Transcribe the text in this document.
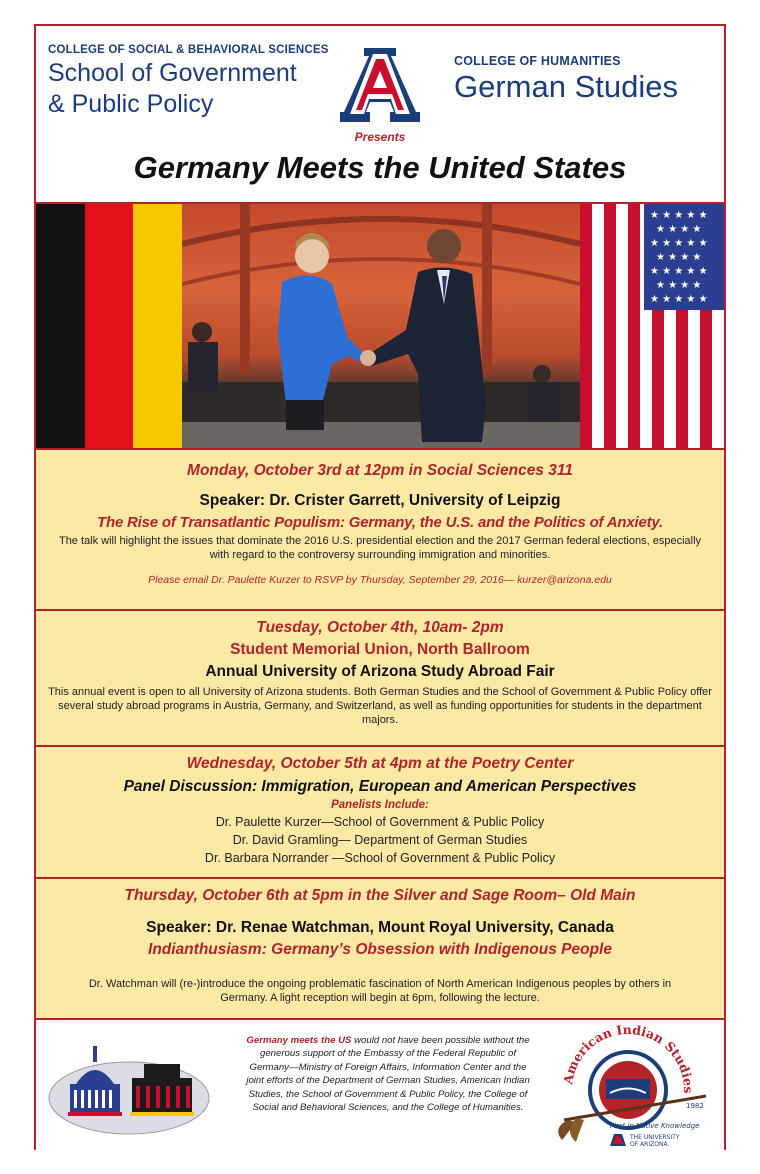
COLLEGE OF SOCIAL & BEHAVIORAL SCIENCES
School of Government
& Public Policy
COLLEGE OF HUMANITIES
German Studies
Presents
Germany Meets the United States
★ ★ ★ ★ ★
★ ★ ★ ★
★ ★ ★ ★ ★
★ ★ ★ ★
★ ★ ★ ★ ★
★ ★ ★ ★
★ ★ ★ ★ ★
Monday, October 3rd at 12pm in Social Sciences 311
Speaker: Dr. Crister Garrett, University of Leipzig
The Rise of Transatlantic Populism: Germany, the U.S. and the Politics of Anxiety.
The talk will highlight the issues that dominate the 2016 U.S. presidential election and the 2017 German federal elections, especially with regard to the controversy surrounding immigration and minorities.
Please email Dr. Paulette Kurzer to RSVP by Thursday, September 29, 2016— kurzer@arizona.edu
Tuesday, October 4th, 10am- 2pm
Student Memorial Union, North Ballroom
Annual University of Arizona Study Abroad Fair
This annual event is open to all University of Arizona students. Both German Studies and the School of Government & Public Policy offer several study abroad programs in Austria, Germany, and Switzerland, as well as funding opportunities for students in the department majors.
Wednesday, October 5th at 4pm at the Poetry Center
Panel Discussion: Immigration, European and American Perspectives
Panelists Include:
Dr. Paulette Kurzer—School of Government & Public Policy
Dr. David Gramling— Department of German Studies
Dr. Barbara Norrander —School of Government & Public Policy
Thursday, October 6th at 5pm in the Silver and Sage Room– Old Main
Speaker: Dr. Renae Watchman, Mount Royal University, Canada
Indianthusiasm: Germany’s Obsession with Indigenous People
Dr. Watchman will (re-)introduce the ongoing problematic fascination of North American Indigenous peoples by others in Germany. A light reception will begin at 6pm, following the lecture.
Germany meets the US would not have been possible without the generous support of the Embassy of the Federal Republic of Germany—Ministry of Foreign Affairs, Information Center and the joint efforts of the Department of German Studies, American Indian Studies, the School of Government & Public Policy, the College of Social and Behavioral Sciences, and the College of Humanities.
American Indian Studies
1982
First in Native Knowledge
THE UNIVERSITY
OF ARIZONA.
